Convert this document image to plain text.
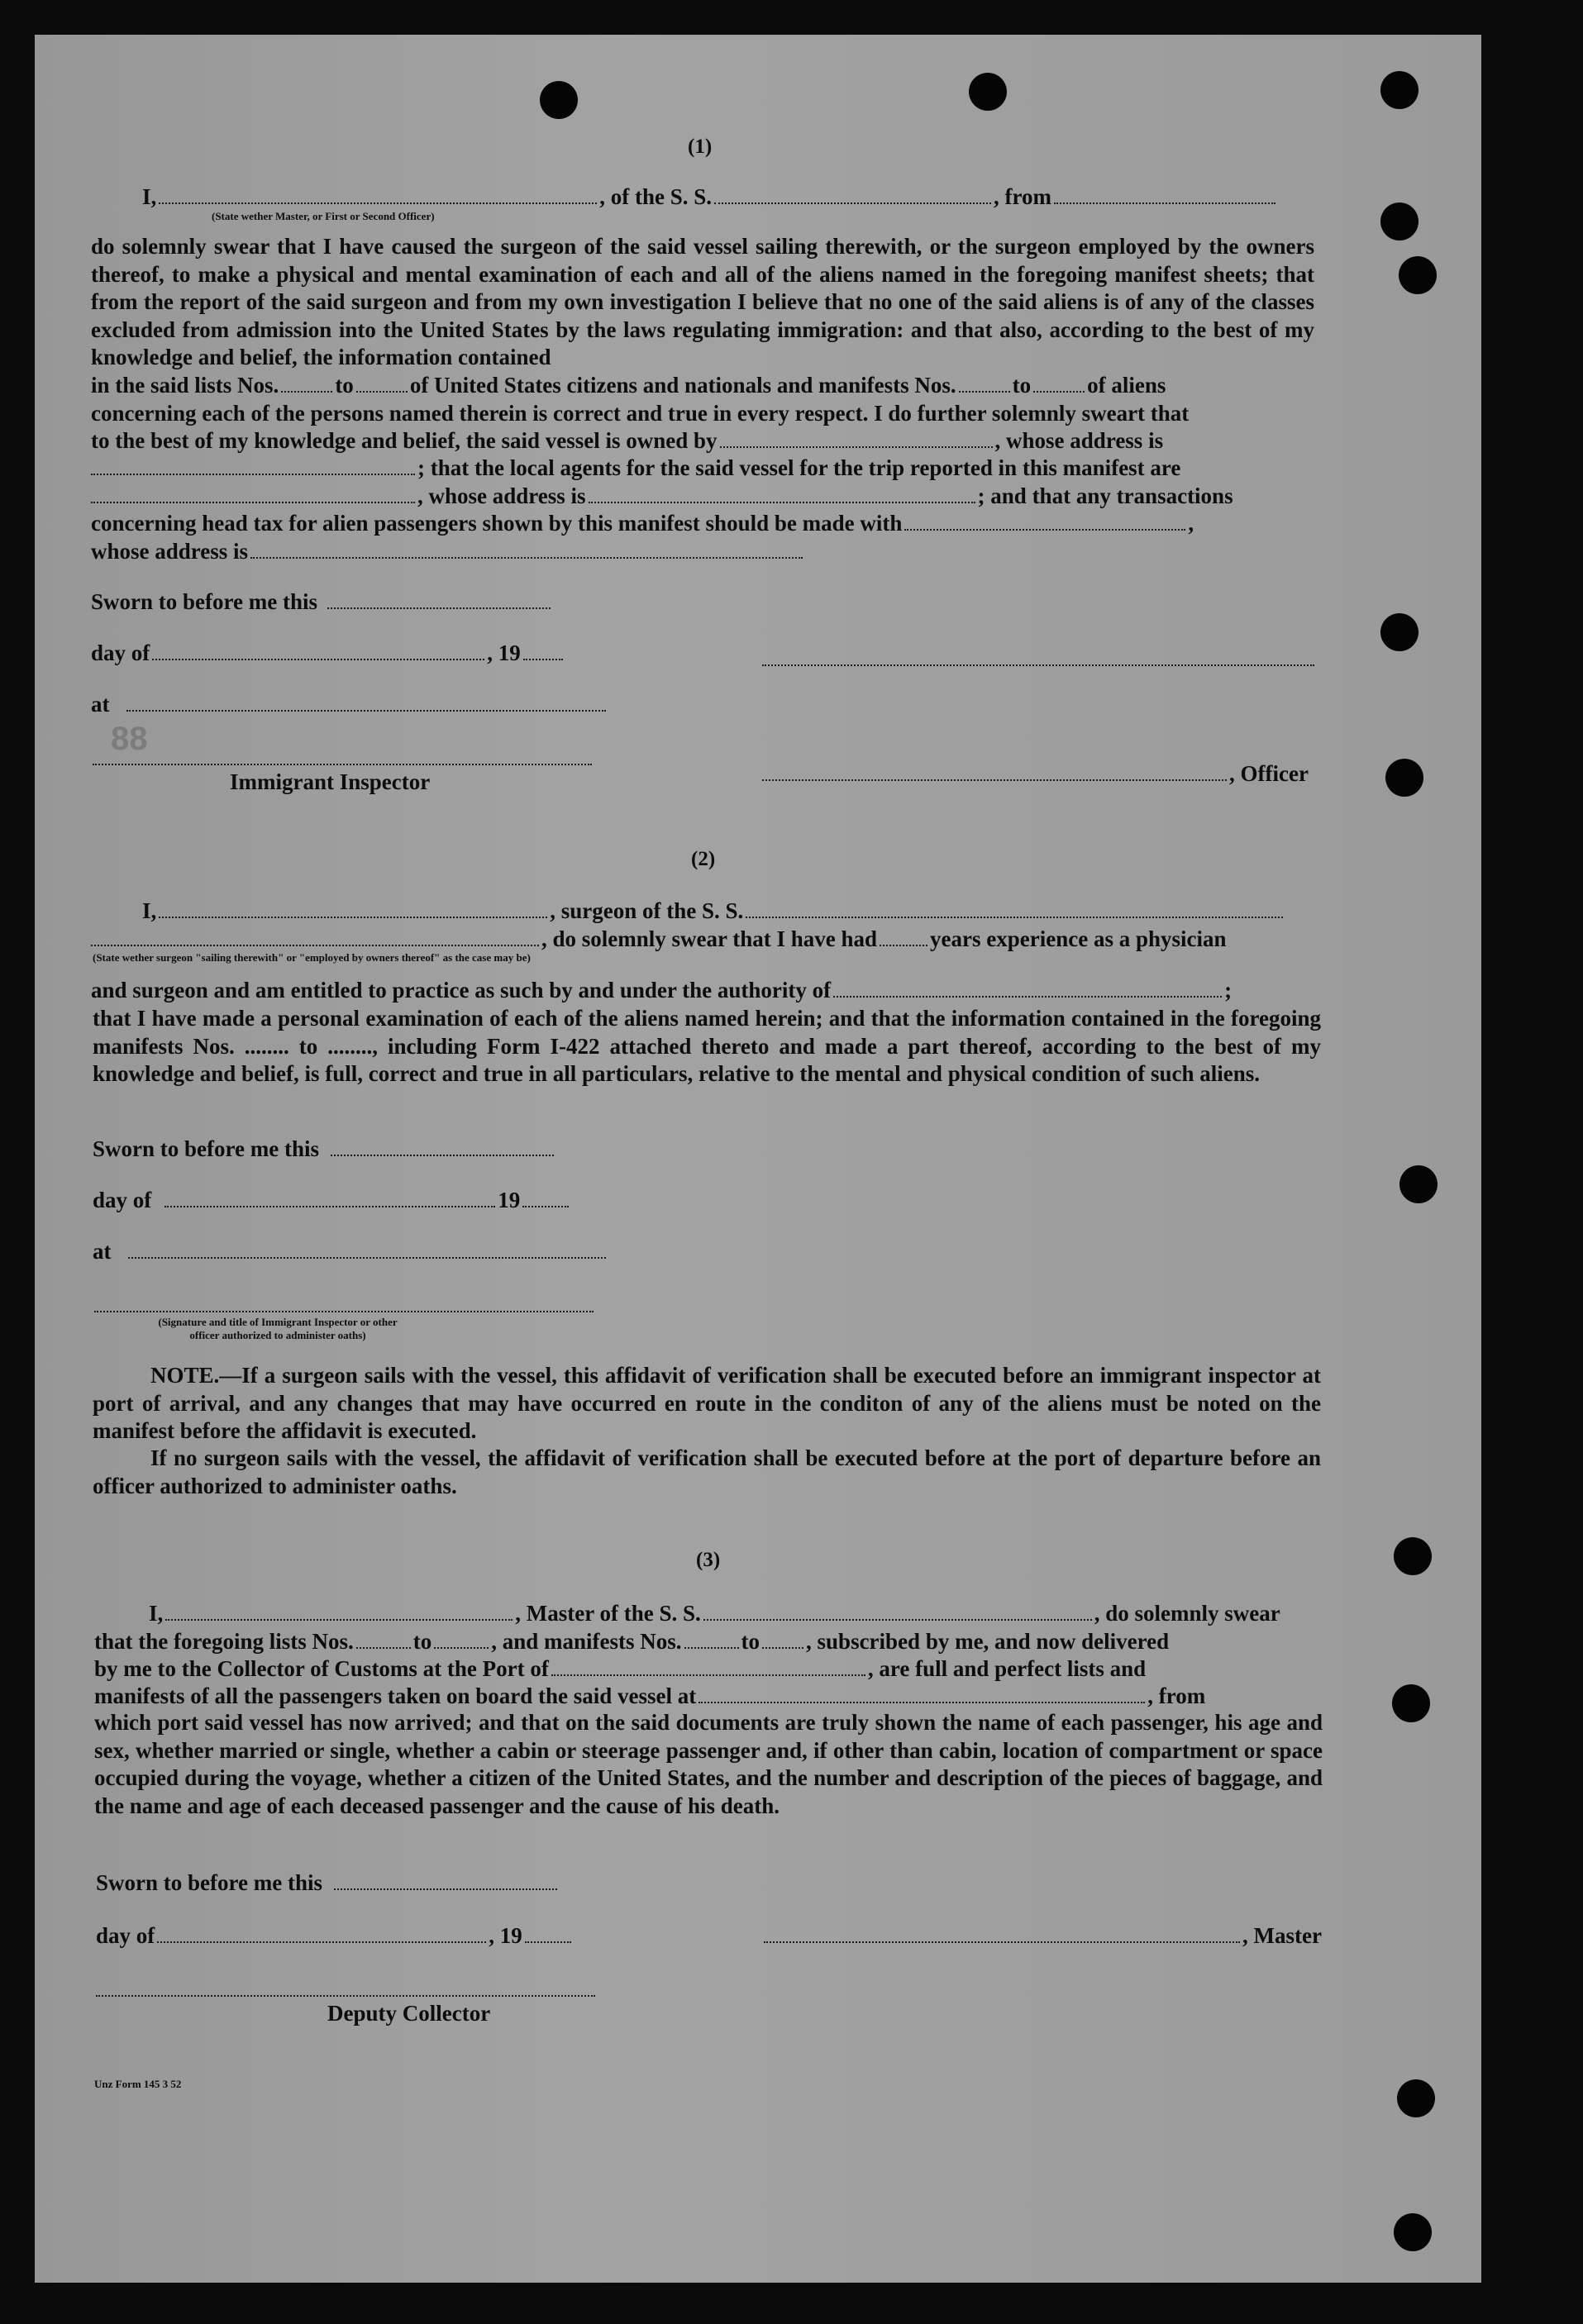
(1)
I,	, of the S. S.	, from
(State wether Master, or First or Second Officer)
do solemnly swear that I have caused the surgeon of the said vessel sailing therewith, or the surgeon employed by the owners thereof, to make a physical and mental examination of each and all of the aliens named in the foregoing manifest sheets; that from the report of the said surgeon and from my own investigation I believe that no one of the said aliens is of any of the classes excluded from admission into the United States by the laws regulating immigration: and that also, according to the best of my knowledge and belief, the information contained
in the said lists Nos.	to	of United States citizens and nationals and manifests Nos.	to	of aliens
concerning each of the persons named therein is correct and true in every respect. I do further solemnly sweart that
to the best of my knowledge and belief, the said vessel is owned by	, whose address is
; that the local agents for the said vessel for the trip reported in this manifest are
, whose address is	; and that any transactions
concerning head tax for alien passengers shown by this manifest should be made with	,
whose address is
Sworn to before me this
day of	, 19
at
88
Immigrant Inspector	, Officer
(2)
I,	, surgeon of the S. S.
, do solemnly swear that I have had years experience as a physician
(State wether surgeon "sailing therewith" or "employed by owners thereof" as the case may be)
and surgeon and am entitled to practice as such by and under the authority of	;
that I have made a personal examination of each of the aliens named herein; and that the information contained in the foregoing manifests Nos. ........ to ........, including Form I-422 attached thereto and made a part thereof, according to the best of my knowledge and belief, is full, correct and true in all particulars, relative to the mental and physical condition of such aliens.
Sworn to before me this
day of	19
at
(Signature and title of Immigrant Inspector or other officer authorized to administer oaths)
NOTE.—If a surgeon sails with the vessel, this affidavit of verification shall be executed before an immigrant inspector at port of arrival, and any changes that may have occurred en route in the conditon of any of the aliens must be noted on the manifest before the affidavit is executed.
If no surgeon sails with the vessel, the affidavit of verification shall be executed before at the port of departure before an officer authorized to administer oaths.
(3)
I,	, Master of the S. S.	, do solemnly swear
that the foregoing lists Nos.	to	, and manifests Nos.	to , subscribed by me, and now delivered
by me to the Collector of Customs at the Port of	, are full and perfect lists and
manifests of all the passengers taken on board the said vessel at	, from
which port said vessel has now arrived; and that on the said documents are truly shown the name of each passenger, his age and sex, whether married or single, whether a cabin or steerage passenger and, if other than cabin, location of compartment or space occupied during the voyage, whether a citizen of the United States, and the number and description of the pieces of baggage, and the name and age of each deceased passenger and the cause of his death.
Sworn to before me this
day of	, 19	, Master
Deputy Collector
Unz Form 145 3 52
